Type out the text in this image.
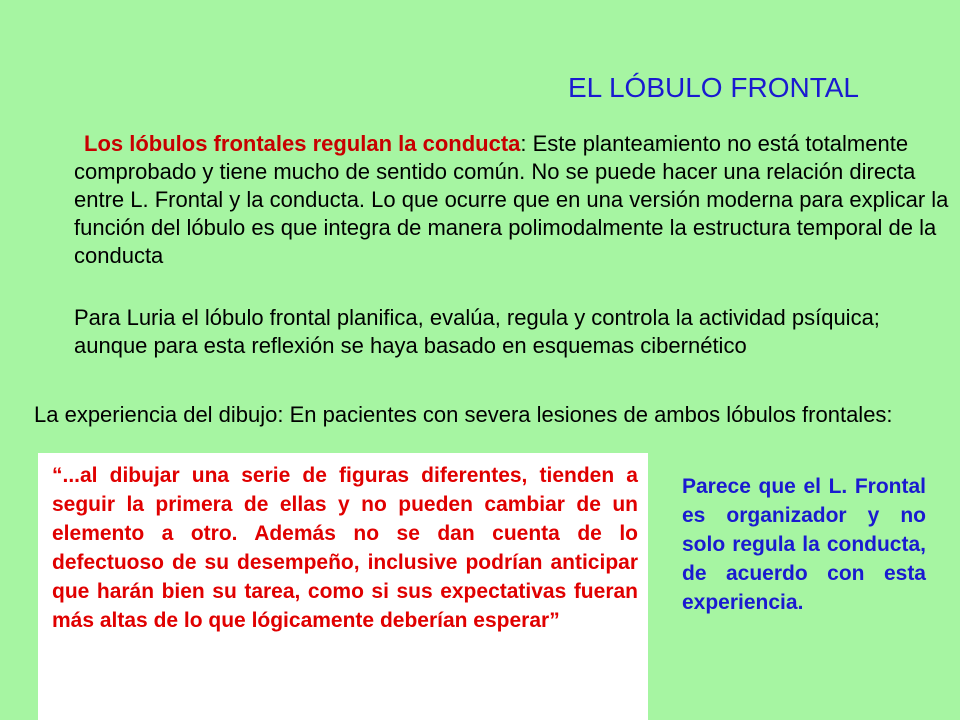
EL LÓBULO FRONTAL

Los lóbulos frontales regulan la conducta: Este planteamiento no está totalmente comprobado y tiene mucho de sentido común. No se puede hacer una relación directa entre L. Frontal y la conducta. Lo que ocurre que en una versión moderna para explicar la función del lóbulo es que integra de manera polimodalmente la estructura temporal de la conducta

Para Luria el lóbulo frontal planifica, evalúa, regula y controla la actividad psíquica; aunque para esta reflexión se haya basado en esquemas cibernético

La experiencia del dibujo: En pacientes con severa lesiones de ambos lóbulos frontales:

“...al dibujar una serie de figuras diferentes, tienden a seguir la primera de ellas y no pueden cambiar de un elemento a otro. Además no se dan cuenta de lo defectuoso de su desempeño, inclusive podrían anticipar que harán bien su tarea, como si sus expectativas fueran más altas de lo que lógicamente deberían esperar”

Parece que el L. Frontal es organizador y no solo regula la conducta, de acuerdo con esta experiencia.
